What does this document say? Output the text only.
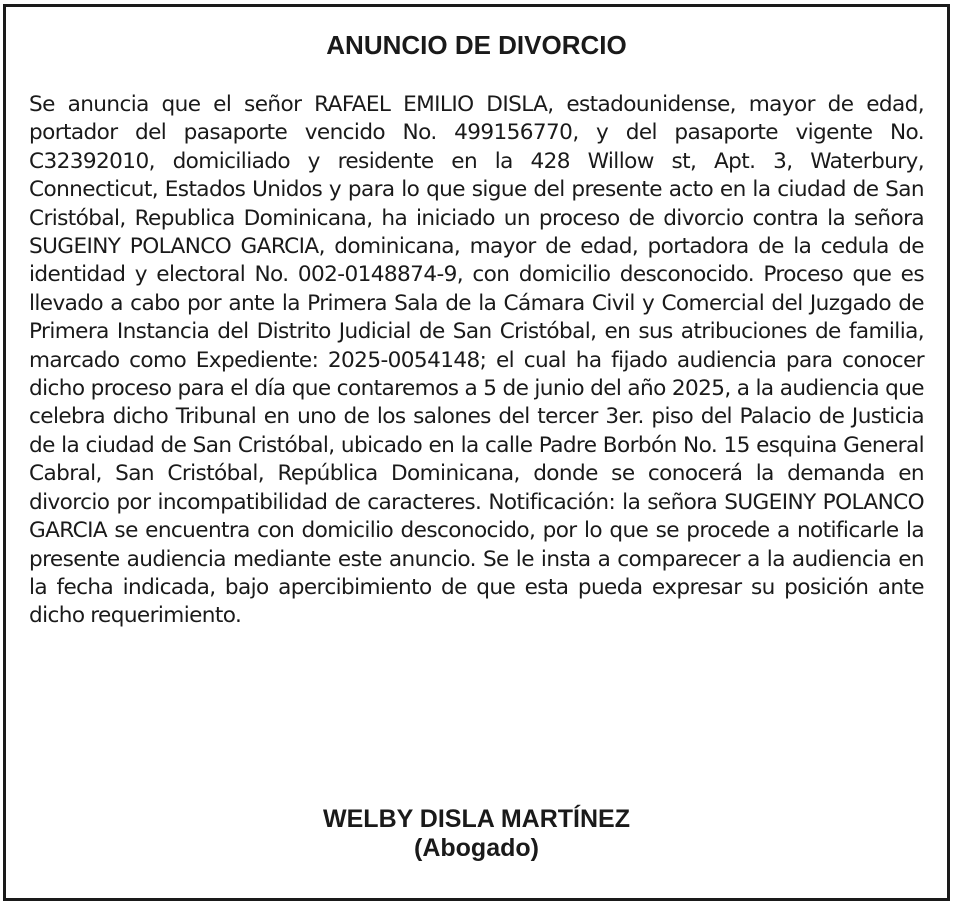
ANUNCIO DE DIVORCIO

Se anuncia que el señor RAFAEL EMILIO DISLA, estadounidense, mayor de edad, portador del pasaporte vencido No. 499156770, y del pasaporte vigente No. C32392010, domiciliado y residente en la 428 Willow st, Apt. 3, Waterbury, Connecticut, Estados Unidos y para lo que sigue del presente acto en la ciudad de San Cristóbal, Republica Dominicana, ha iniciado un proceso de divorcio contra la señora SUGEINY POLANCO GARCIA, dominicana, mayor de edad, portadora de la cedula de identidad y electoral No. 002-0148874-9, con domicilio desconocido. Proceso que es llevado a cabo por ante la Primera Sala de la Cámara Civil y Comercial del Juzgado de Primera Instancia del Distrito Judicial de San Cristóbal, en sus atribuciones de familia, marcado como Expediente: 2025-0054148; el cual ha fijado audiencia para conocer dicho proceso para el día que contaremos a 5 de junio del año 2025, a la audiencia que celebra dicho Tribunal en uno de los salones del tercer 3er. piso del Palacio de Justicia de la ciudad de San Cristóbal, ubicado en la calle Padre Borbón No. 15 esquina General Cabral, San Cristóbal, República Dominicana, donde se conocerá la demanda en divorcio por incompatibilidad de caracteres. Notificación: la señora SUGEINY POLANCO GARCIA se encuentra con domicilio desconocido, por lo que se procede a notificarle la presente audiencia mediante este anuncio. Se le insta a comparecer a la audiencia en la fecha indicada, bajo apercibimiento de que esta pueda expresar su posición ante dicho requerimiento.

WELBY DISLA MARTÍNEZ
(Abogado)
